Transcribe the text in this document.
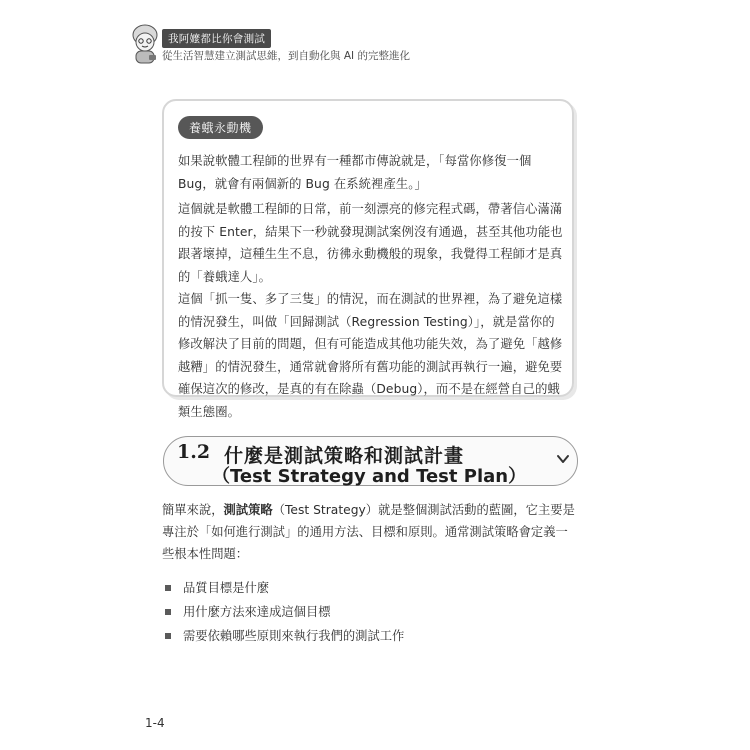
我阿嬤都比你會測試
從生活智慧建立測試思維，到自動化與 AI 的完整進化
養蛾永動機

如果說軟體工程師的世界有一種都市傳說就是，「每當你修復一個 Bug，就會有兩個新的 Bug 在系統裡產生。」

這個就是軟體工程師的日常，前一刻漂亮的修完程式碼，帶著信心滿滿的按下 Enter，結果下一秒就發現測試案例沒有通過，甚至其他功能也跟著壞掉，這種生生不息，彷彿永動機般的現象，我覺得工程師才是真的「養蛾達人」。

這個「抓一隻、多了三隻」的情況，而在測試的世界裡，為了避免這樣的情況發生，叫做「回歸測試（Regression Testing）」，就是當你的修改解決了目前的問題，但有可能造成其他功能失效，為了避免「越修越糟」的情況發生，通常就會將所有舊功能的測試再執行一遍，避免要確保這次的修改，是真的有在除蟲（Debug），而不是在經營自己的蛾類生態圈。

1.2 什麼是測試策略和測試計畫
（Test Strategy and Test Plan）

簡單來說，測試策略（Test Strategy）就是整個測試活動的藍圖，它主要是專注於「如何進行測試」的通用方法、目標和原則。通常測試策略會定義一些根本性問題：

品質目標是什麼
用什麼方法來達成這個目標
需要依賴哪些原則來執行我們的測試工作
1-4
